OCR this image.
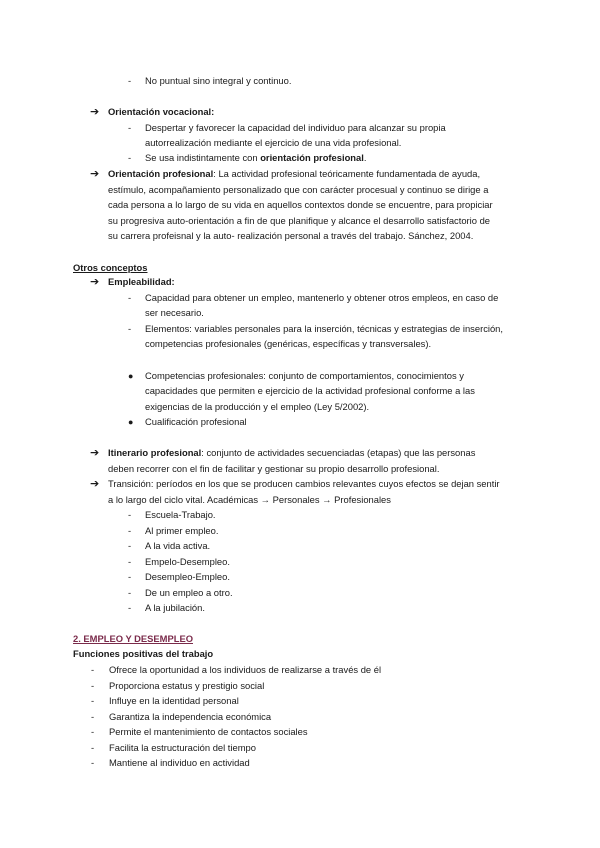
- No puntual sino integral y continuo.
➔ Orientación vocacional:
- Despertar y favorecer la capacidad del individuo para alcanzar su propia
autorrealización mediante el ejercicio de una vida profesional.
- Se usa indistintamente con orientación profesional.
➔ Orientación profesional: La actividad profesional teóricamente fundamentada de ayuda,
estímulo, acompañamiento personalizado que con carácter procesual y continuo se dirige a
cada persona a lo largo de su vida en aquellos contextos donde se encuentre, para propiciar
su progresiva auto-orientación a fin de que planifique y alcance el desarrollo satisfactorio de
su carrera profeisnal y la auto- realización personal a través del trabajo. Sánchez, 2004.
Otros conceptos
➔ Empleabilidad:
- Capacidad para obtener un empleo, mantenerlo y obtener otros empleos, en caso de
ser necesario.
- Elementos: variables personales para la inserción, técnicas y estrategias de inserción,
competencias profesionales (genéricas, específicas y transversales).
● Competencias profesionales: conjunto de comportamientos, conocimientos y
capacidades que permiten e ejercicio de la actividad profesional conforme a las
exigencias de la producción y el empleo (Ley 5/2002).
● Cualificación profesional
➔ Itinerario profesional: conjunto de actividades secuenciadas (etapas) que las personas
deben recorrer con el fin de facilitar y gestionar su propio desarrollo profesional.
➔ Transición: períodos en los que se producen cambios relevantes cuyos efectos se dejan sentir
a lo largo del ciclo vital. Académicas → Personales → Profesionales
- Escuela-Trabajo.
- Al primer empleo.
- A la vida activa.
- Empelo-Desempleo.
- Desempleo-Empleo.
- De un empleo a otro.
- A la jubilación.
2. EMPLEO Y DESEMPLEO
Funciones positivas del trabajo
- Ofrece la oportunidad a los individuos de realizarse a través de él
- Proporciona estatus y prestigio social
- Influye en la identidad personal
- Garantiza la independencia económica
- Permite el mantenimiento de contactos sociales
- Facilita la estructuración del tiempo
- Mantiene al individuo en actividad
